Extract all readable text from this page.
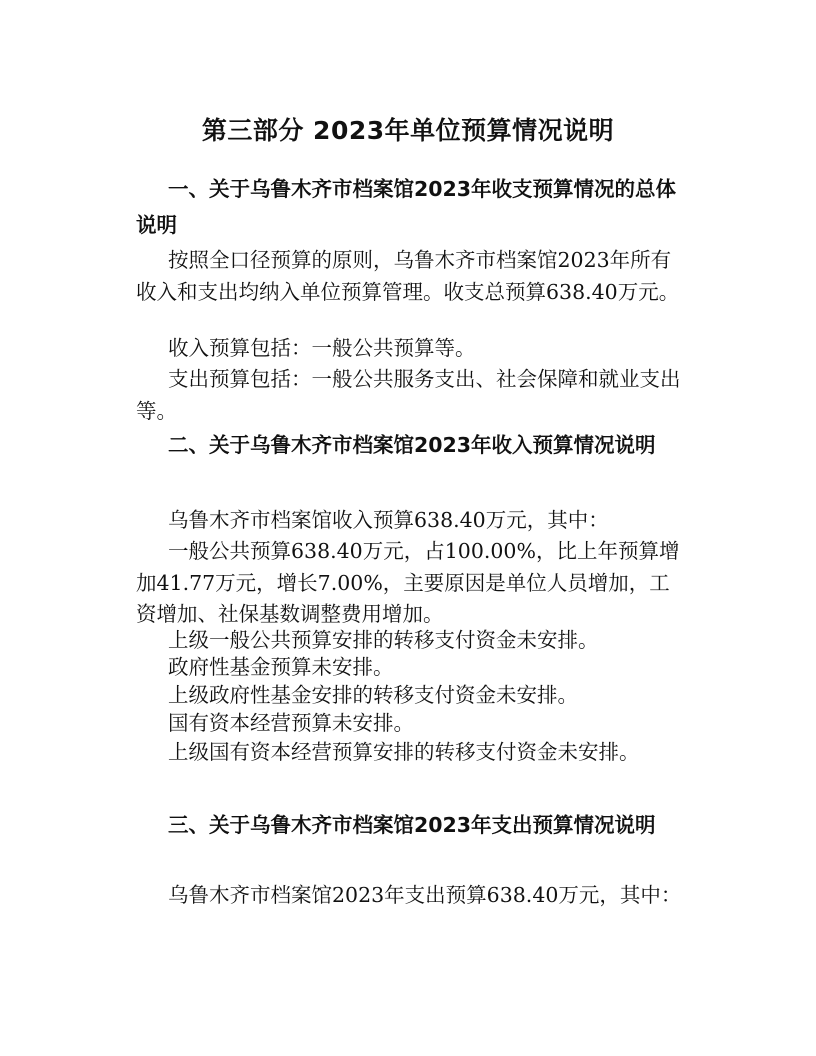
第三部分 2023年单位预算情况说明
一、关于乌鲁木齐市档案馆2023年收支预算情况的总体说明
按照全口径预算的原则，乌鲁木齐市档案馆2023年所有收入和支出均纳入单位预算管理。收支总预算638.40万元。
收入预算包括：一般公共预算等。
支出预算包括：一般公共服务支出、社会保障和就业支出等。
二、关于乌鲁木齐市档案馆2023年收入预算情况说明
乌鲁木齐市档案馆收入预算638.40万元，其中：
一般公共预算638.40万元，占100.00%，比上年预算增加41.77万元，增长7.00%，主要原因是单位人员增加，工资增加、社保基数调整费用增加。
上级一般公共预算安排的转移支付资金未安排。
政府性基金预算未安排。
上级政府性基金安排的转移支付资金未安排。
国有资本经营预算未安排。
上级国有资本经营预算安排的转移支付资金未安排。
三、关于乌鲁木齐市档案馆2023年支出预算情况说明
乌鲁木齐市档案馆2023年支出预算638.40万元，其中：
